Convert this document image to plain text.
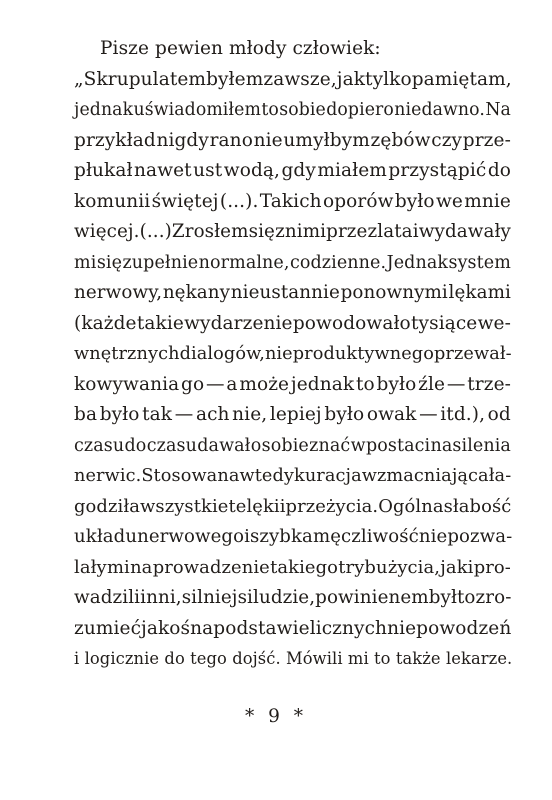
Pisze pewien młody człowiek:
„Skrupulatem byłem zawsze, jak tylko pamiętam,
jednak uświadomiłem to sobie dopiero niedawno. Na
przykład nigdy rano nie umyłbym zębów czy prze-
płukał nawet ust wodą, gdy miałem przystąpić do
komunii świętej (...). Takich oporów było we mnie
więcej. (...) Zrosłem się z nimi przez lata i wydawały
mi się zupełnie normalne, codzienne. Jednak system
nerwowy, nękany nieustannie ponownymi lękami
(każde takie wydarzenie powodowało tysiące we-
wnętrznych dialogów, nieproduktywnego przewał-
kowywania go — a może jednak to było źle — trze-
ba było tak — ach nie, lepiej było owak — itd.), od
czasu do czasu dawał o sobie znać w postaci nasilenia
nerwic. Stosowana wtedy kuracja wzmacniająca ła-
godziła wszystkie te lęki i przeżycia. Ogólna słabość
układu nerwowego i szybka męczliwość nie pozwa-
lały mi na prowadzenie takiego trybu życia, jaki pro-
wadzili inni, silniejsi ludzie, powinienem był to zro-
zumieć jakoś na podstawie licznych niepowodzeń
i logicznie do tego dojść. Mówili mi to także lekarze.
* 9 *
